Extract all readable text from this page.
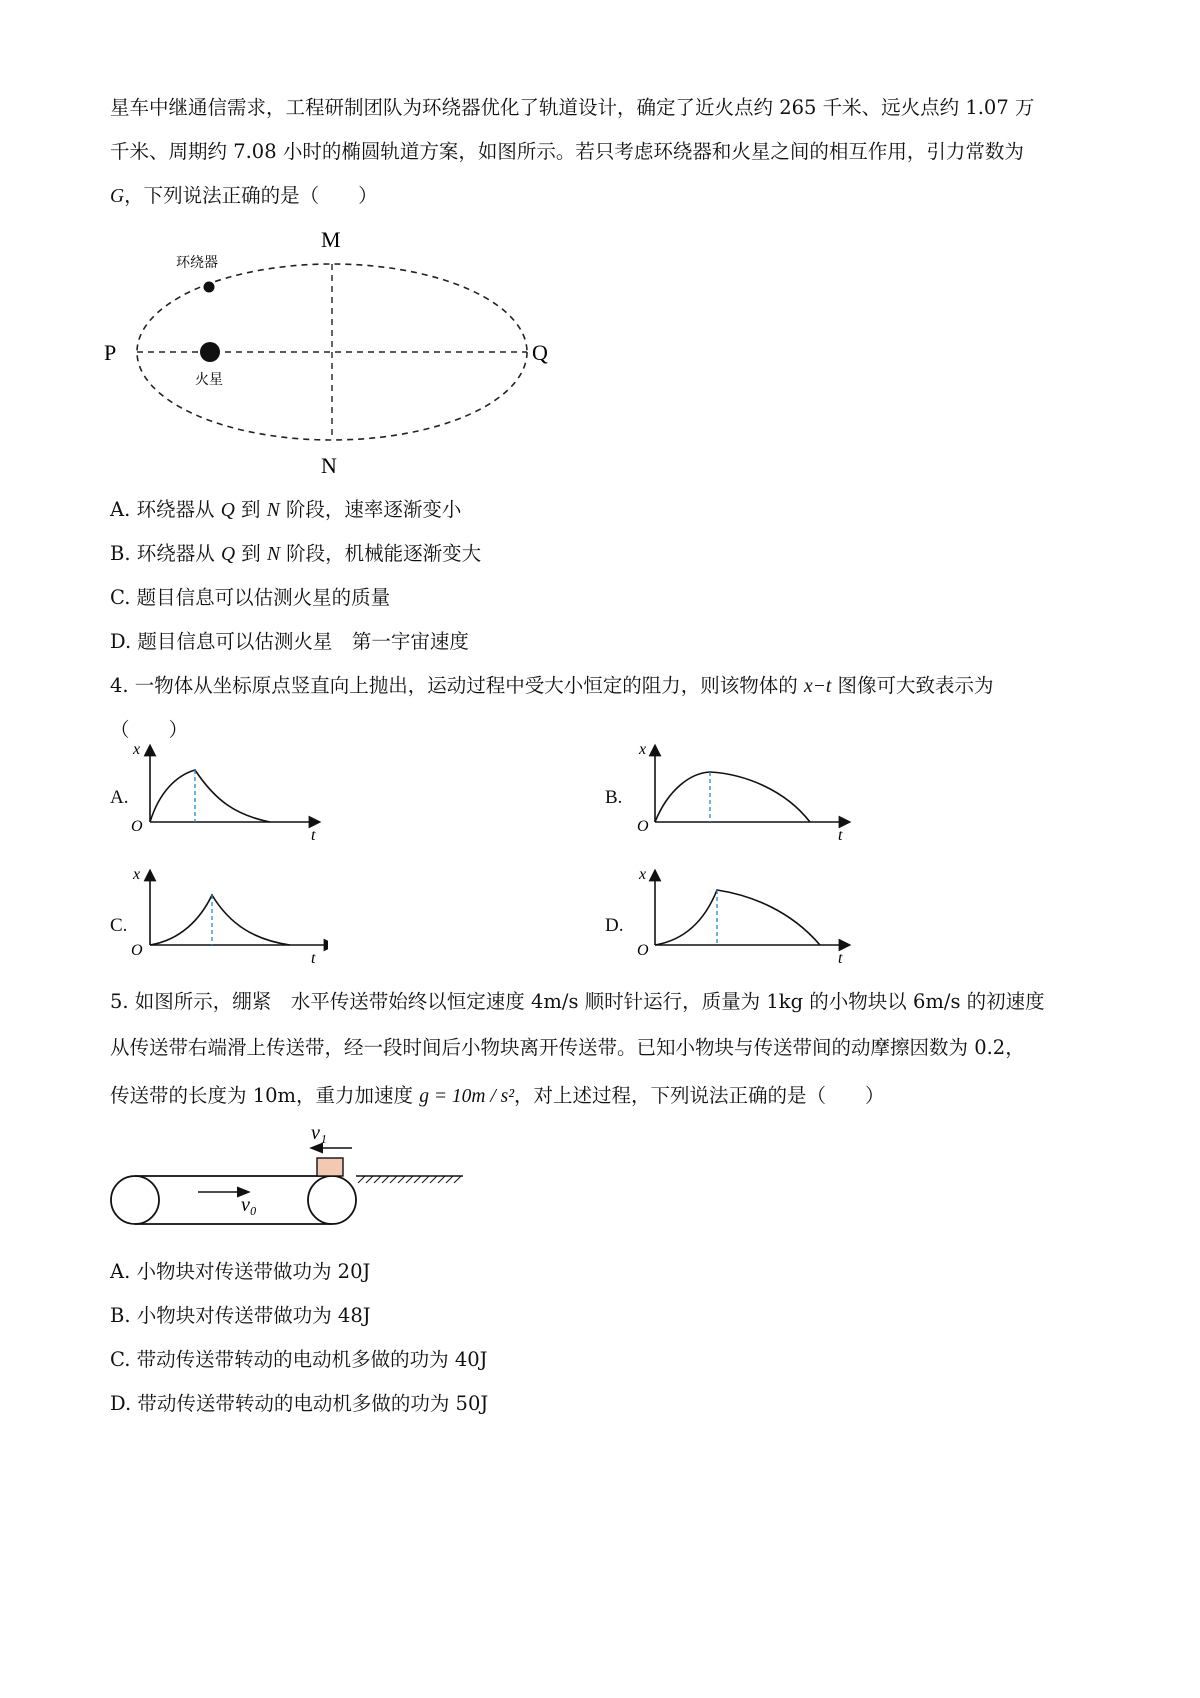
星车中继通信需求，工程研制团队为环绕器优化了轨道设计，确定了近火点约 265 千米、远火点约 1.07 万
千米、周期约 7.08 小时的椭圆轨道方案，如图所示。若只考虑环绕器和火星之间的相互作用，引力常数为
G，下列说法正确的是（　　）
M
N
P	Q
环绕器
火星
A. 环绕器从 Q 到 N 阶段，速率逐渐变小
B. 环绕器从 Q 到 N 阶段，机械能逐渐变大
C. 题目信息可以估测火星的质量
D. 题目信息可以估测火星　第一宇宙速度
4. 一物体从坐标原点竖直向上抛出，运动过程中受大小恒定的阻力，则该物体的 x−t 图像可大致表示为
（　　）
A.
t
x
O
B.
t
x
O
C.
t
x
O
D.
t
x
O
5. 如图所示，绷紧　水平传送带始终以恒定速度 4m/s 顺时针运行，质量为 1kg 的小物块以 6m/s 的初速度
从传送带右端滑上传送带，经一段时间后小物块离开传送带。已知小物块与传送带间的动摩擦因数为 0.2，
传送带的长度为 10m，重力加速度 g = 10m / s²，对上述过程，下列说法正确的是（　　）
v₁
v₀
A. 小物块对传送带做功为 20J
B. 小物块对传送带做功为 48J
C. 带动传送带转动的电动机多做的功为 40J
D. 带动传送带转动的电动机多做的功为 50J
